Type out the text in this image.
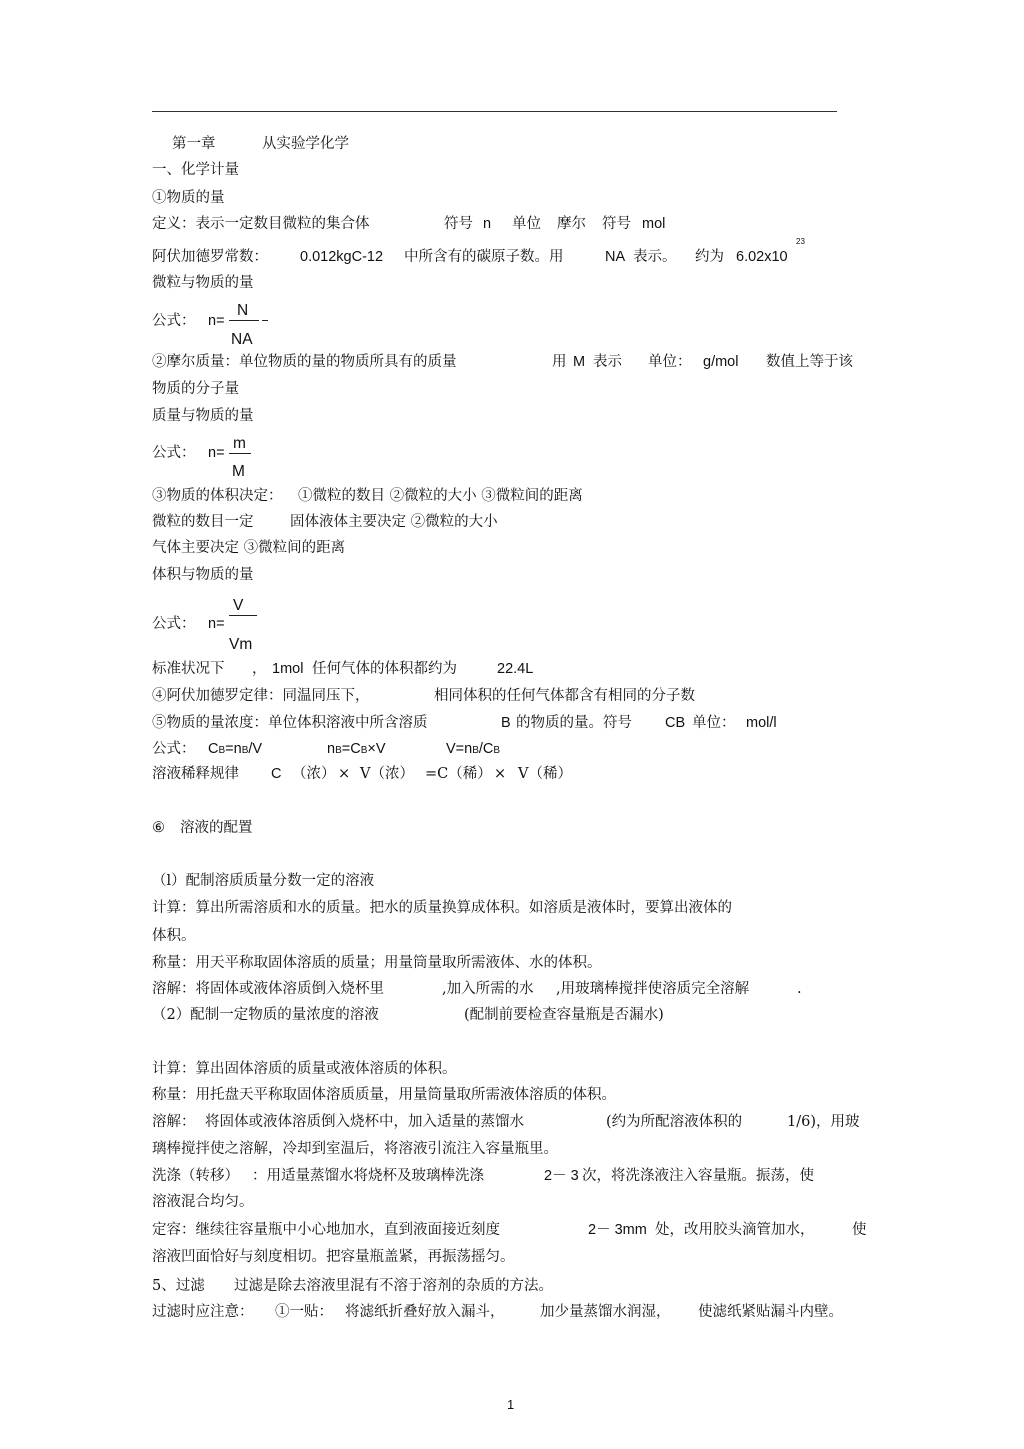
第一章	从实验学化学
一、化学计量
①物质的量
定义：表示一定数目微粒的集合体	符号 n 单位 摩尔 符号 mol
阿伏加德罗常数： 0.012kgC-12 中所含有的碳原子数。用	NA 表示。 约为 6.02x10
23
微粒与物质的量
公式： n=
N
NA
②摩尔质量：单位物质的量的物质所具有的质量	用 M 表示 单位： g/mol 数值上等于该
物质的分子量
质量与物质的量
公式： n=
m
M
③物质的体积决定： ①微粒的数目 ②微粒的大小 ③微粒间的距离
微粒的数目一定	固体液体主要决定 ②微粒的大小
气体主要决定 ③微粒间的距离
体积与物质的量
公式： n=
V
Vm
标准状况下 ， 1mol 任何气体的体积都约为	22.4L
④阿伏加德罗定律：同温同压下，	相同体积的任何气体都含有相同的分子数
⑤物质的量浓度：单位体积溶液中所含溶质	B 的物质的量。符号 CB 单位： mol/l
公式： CB=nB/V	nB=CB×V	V=nB/CB
溶液稀释规律 C （浓） × V（浓） =C（稀） × V（稀）
⑥ 溶液的配置
（l）配制溶质质量分数一定的溶液
计算：算出所需溶质和水的质量。把水的质量换算成体积。如溶质是液体时，要算出液体的
体积。
称量：用天平称取固体溶质的质量；用量筒量取所需液体、水的体积。
溶解：将固体或液体溶质倒入烧杯里	,加入所需的水 ,用玻璃棒搅拌使溶质完全溶解	.
（2）配制一定物质的量浓度的溶液	(配制前要检查容量瓶是否漏水)
计算：算出固体溶质的质量或液体溶质的体积。
称量：用托盘天平称取固体溶质质量，用量筒量取所需液体溶质的体积。
溶解： 将固体或液体溶质倒入烧杯中，加入适量的蒸馏水	(约为所配溶液体积的	1/6)，用玻
璃棒搅拌使之溶解，冷却到室温后，将溶液引流注入容量瓶里。
洗涤（转移） ：用适量蒸馏水将烧杯及玻璃棒洗涤	2－ 3 次，将洗涤液注入容量瓶。振荡，使
溶液混合均匀。
定容：继续往容量瓶中小心地加水，直到液面接近刻度	2－ 3mm 处，改用胶头滴管加水，	使
溶液凹面恰好与刻度相切。把容量瓶盖紧，再振荡摇匀。
5、过滤 过滤是除去溶液里混有不溶于溶剂的杂质的方法。
过滤时应注意： ①一贴： 将滤纸折叠好放入漏斗， 加少量蒸馏水润湿， 使滤纸紧贴漏斗内壁。
1
